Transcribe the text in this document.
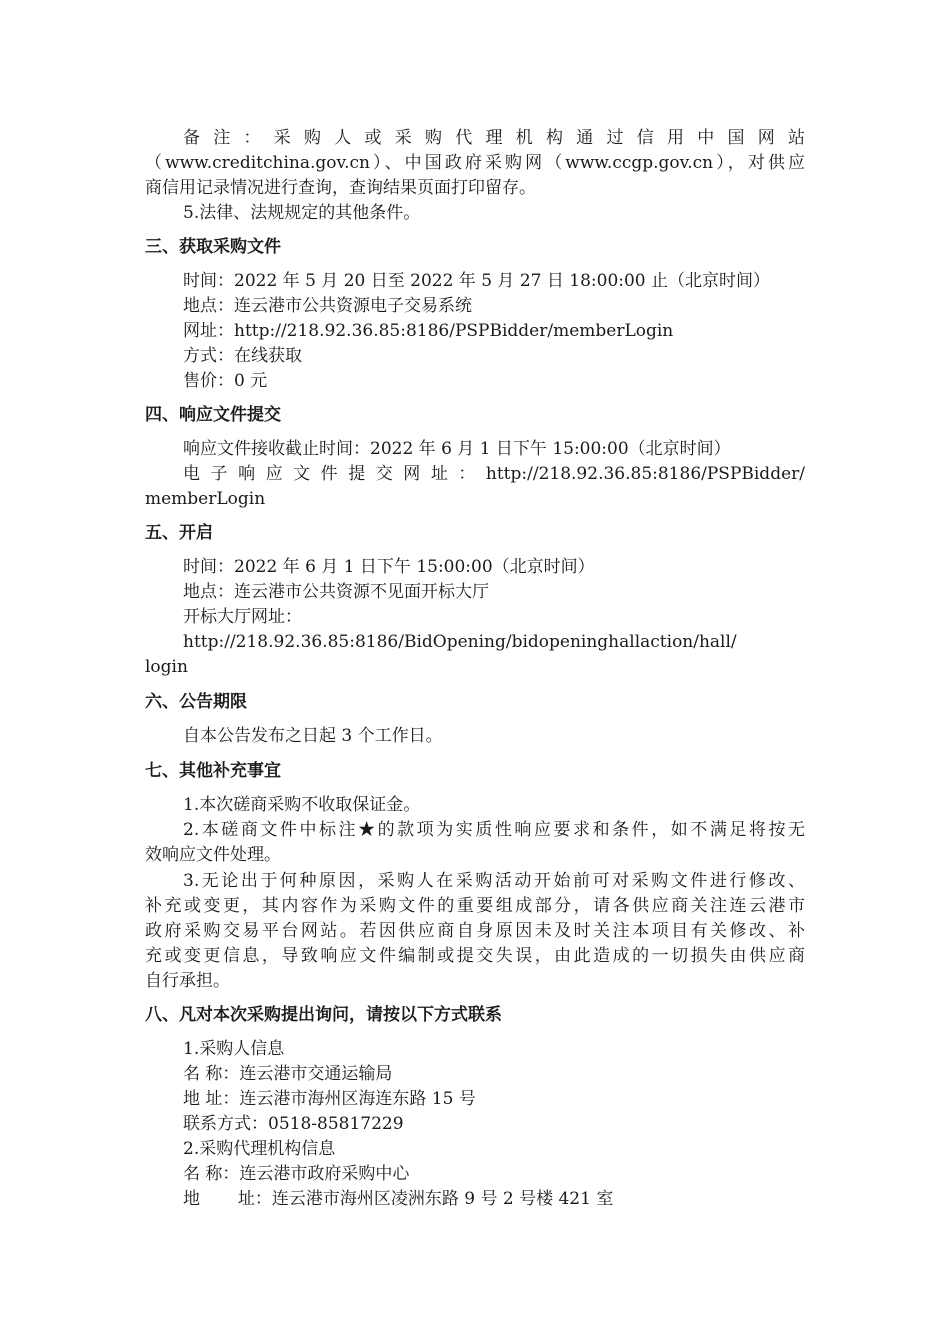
备注：采购人或采购代理机构通过信用中国网站
（www.creditchina.gov.cn）、中国政府采购网（www.ccgp.gov.cn），对供应
商信用记录情况进行查询，查询结果页面打印留存。
5.法律、法规规定的其他条件。
三、获取采购文件
时间：2022 年 5 月 20 日至 2022 年 5 月 27 日 18:00:00 止（北京时间）
地点：连云港市公共资源电子交易系统
网址：http://218.92.36.85:8186/PSPBidder/memberLogin
方式：在线获取
售价：0 元
四、响应文件提交
响应文件接收截止时间：2022 年 6 月 1 日下午 15:00:00（北京时间）
电子响应文件提交网址：http://218.92.36.85:8186/PSPBidder/
memberLogin
五、开启
时间：2022 年 6 月 1 日下午 15:00:00（北京时间）
地点：连云港市公共资源不见面开标大厅
开标大厅网址：
http://218.92.36.85:8186/BidOpening/bidopeninghallaction/hall/
login
六、公告期限
自本公告发布之日起 3 个工作日。
七、其他补充事宜
1.本次磋商采购不收取保证金。
2.本磋商文件中标注★的款项为实质性响应要求和条件，如不满足将按无
效响应文件处理。
3.无论出于何种原因，采购人在采购活动开始前可对采购文件进行修改、
补充或变更，其内容作为采购文件的重要组成部分，请各供应商关注连云港市
政府采购交易平台网站。若因供应商自身原因未及时关注本项目有关修改、补
充或变更信息，导致响应文件编制或提交失误，由此造成的一切损失由供应商
自行承担。
八、凡对本次采购提出询问，请按以下方式联系
1.采购人信息
名 称：连云港市交通运输局
地 址：连云港市海州区海连东路 15 号
联系方式：0518-85817229
2.采购代理机构信息
名 称：连云港市政府采购中心
地       址：连云港市海州区凌洲东路 9 号 2 号楼 421 室
